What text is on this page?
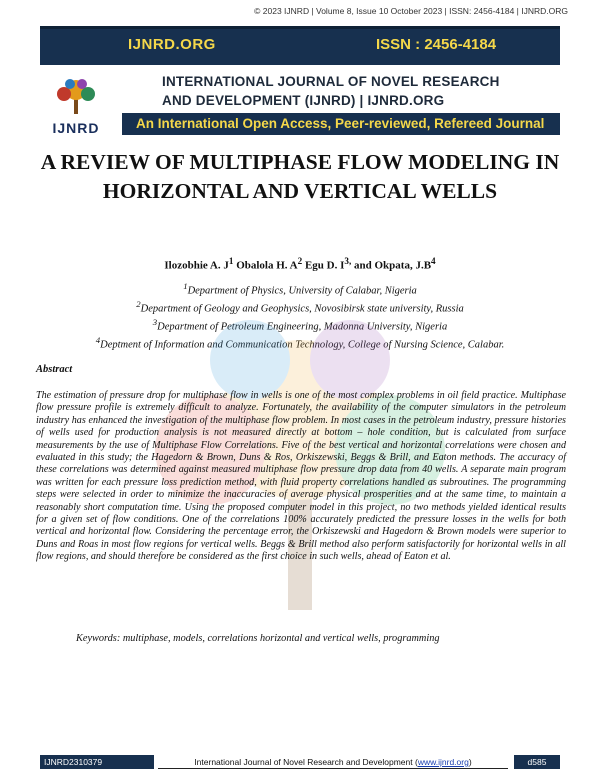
© 2023 IJNRD | Volume 8, Issue 10 October 2023 | ISSN: 2456-4184 | IJNRD.ORG
IJNRD.ORG	ISSN : 2456-4184
IJNRD
INTERNATIONAL JOURNAL OF NOVEL RESEARCH
AND DEVELOPMENT (IJNRD) | IJNRD.ORG
An International Open Access, Peer-reviewed, Refereed Journal
A REVIEW OF MULTIPHASE FLOW MODELING IN HORIZONTAL AND VERTICAL WELLS
Ilozobhie A. $J^1$ Obalola H. $A^2$ Egu D. $I^{3,}$ and Okpata, $J.B^4$
$^1$Department of Physics, University of Calabar, Nigeria
$^2$Department of Geology and Geophysics, Novosibirsk state university, Russia
$^3$Department of Petroleum Engineering, Madonna University, Nigeria
$^4$Deptment of Information and Communication Technology, College of Nursing Science, Calabar.
Abstract
The estimation of pressure drop for multiphase flow in wells is one of the most complex problems in oil field practice. Multiphase flow pressure profile is extremely difficult to analyze. Fortunately, the availability of the computer simulators in the petroleum industry has enhanced the investigation of the multiphase flow problem. In most cases in the petroleum industry, pressure histories of wells used for production analysis is not measured directly at bottom – hole condition, but is calculated from surface measurements by the use of Multiphase Flow Correlations. Five of the best vertical and horizontal correlations were chosen and evaluated in this study; the Hagedorn & Brown, Duns & Ros, Orkiszewski, Beggs & Brill, and Eaton methods. The accuracy of these correlations was determined against measured multiphase flow pressure drop data from 40 wells. A separate main program was written for each pressure loss prediction method, with fluid property correlations handled as subroutines. The programming steps were selected in order to minimize the inaccuracies of average physical prosperities and at the same time, to maintain a reasonably short computation time. Using the proposed computer model in this project, no two methods yielded identical results for a given set of flow conditions. One of the correlations 100% accurately predicted the pressure losses in the wells for both vertical and horizontal flow. Considering the percentage error, the Orkiszewski and Hagedorn & Brown models were superior to Duns and Roas in most flow regions for vertical wells. Beggs & Brill method also perform satisfactorily for horizontal wells in all flow regions, and should therefore be considered as the first choice in such wells, ahead of Eaton et al.
Keywords: multiphase, models, correlations horizontal and vertical wells, programming
IJNRD2310379	International Journal of Novel Research and Development (www.ijnrd.org)	d585
